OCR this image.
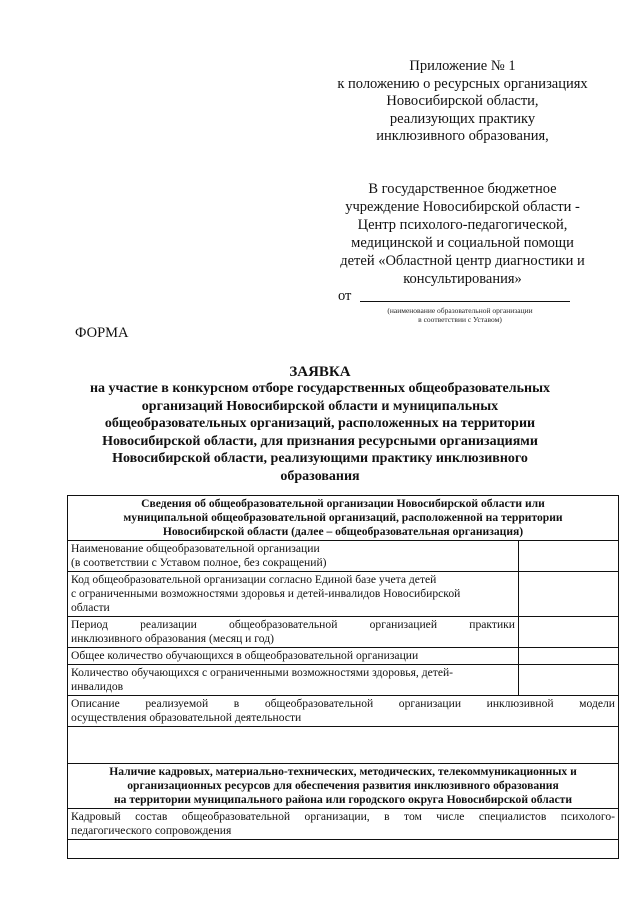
Приложение № 1
к положению о ресурсных организациях
Новосибирской области,
реализующих практику
инклюзивного образования,
В государственное бюджетное
учреждение Новосибирской области -
Центр психолого-педагогической,
медицинской и социальной помощи
детей «Областной центр диагностики и
консультирования»
от
(наименование образовательной организации
в соответствии с Уставом)
ФОРМА
ЗАЯВКА
на участие в конкурсном отборе государственных общеобразовательных
организаций Новосибирской области и муниципальных
общеобразовательных организаций, расположенных на территории
Новосибирской области, для признания ресурсными организациями
Новосибирской области, реализующими практику инклюзивного
образования
Сведения об общеобразовательной организации Новосибирской области или
муниципальной общеобразовательной организаций, расположенной на территории
Новосибирской области (далее – общеобразовательная организация)	

Наименование общеобразовательной организации
(в соответствии с Уставом полное, без сокращений)	

Код общеобразовательной организации согласно Единой базе учета детей
с ограниченными возможностями здоровья и детей-инвалидов Новосибирской
области	

Период реализации общеобразовательной организацией практики
инклюзивного образования (месяц и год)	

Общее количество обучающихся в общеобразовательной организации	

Количество обучающихся с ограниченными возможностями здоровья, детей-
инвалидов	

Описание реализуемой в общеобразовательной организации инклюзивной модели
осуществления образовательной деятельности	

Наличие кадровых, материально-технических, методических, телекоммуникационных и
организационных ресурсов для обеспечения развития инклюзивного образования
на территории муниципального района или городского округа Новосибирской области	

Кадровый состав общеобразовательной организации, в том числе специалистов психолого-
педагогического сопровождения	
